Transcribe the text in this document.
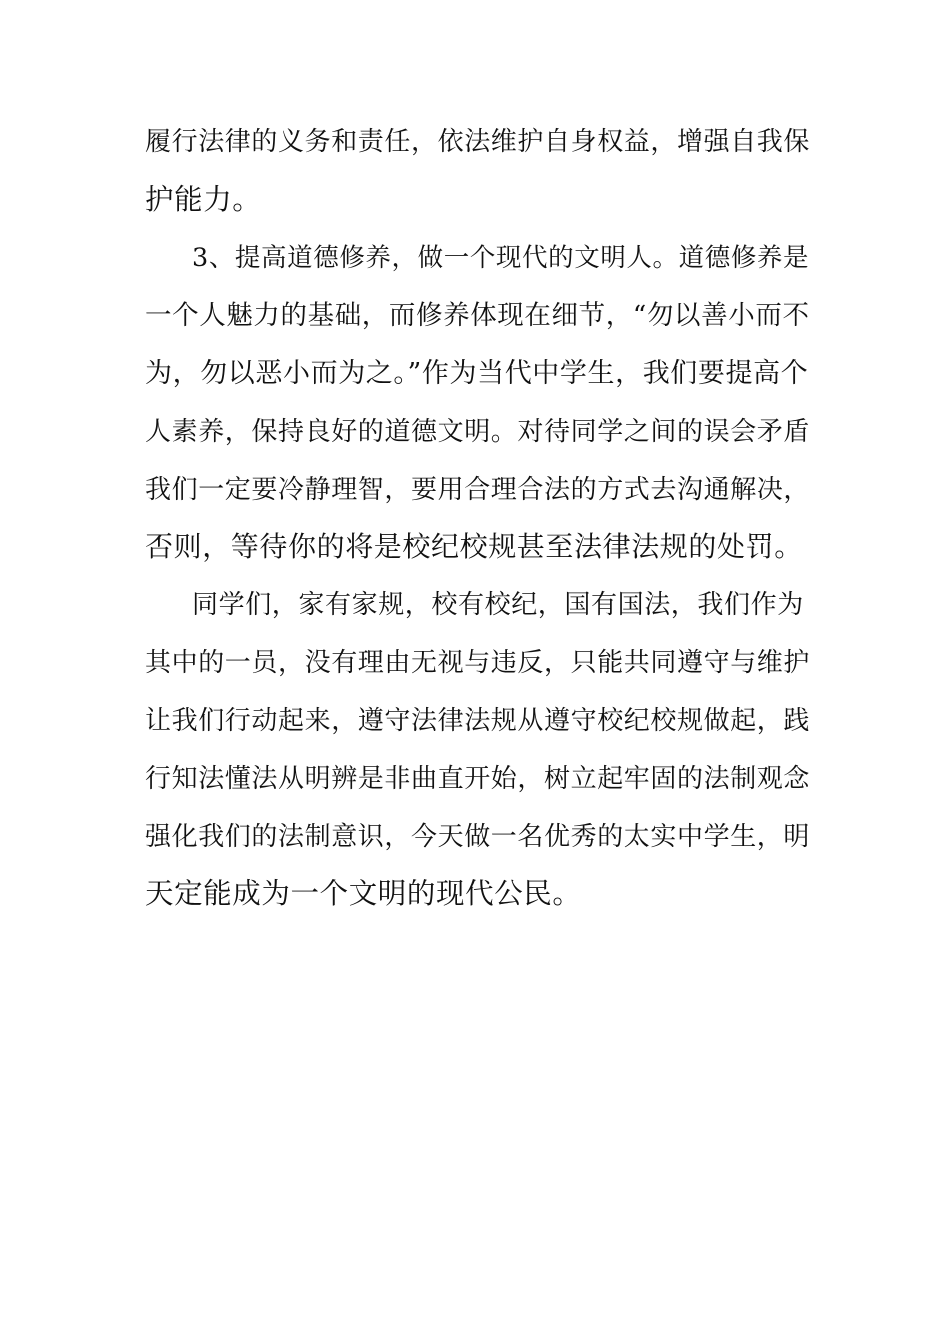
履行法律的义务和责任，依法维护自身权益，增强自我保
护能力。
3、提高道德修养，做一个现代的文明人。道德修养是
一个人魅力的基础，而修养体现在细节，“勿以善小而不
为，勿以恶小而为之。”作为当代中学生，我们要提高个
人素养，保持良好的道德文明。对待同学之间的误会矛盾
我们一定要冷静理智，要用合理合法的方式去沟通解决，
否则，等待你的将是校纪校规甚至法律法规的处罚。
同学们，家有家规，校有校纪，国有国法，我们作为
其中的一员，没有理由无视与违反，只能共同遵守与维护
让我们行动起来，遵守法律法规从遵守校纪校规做起，践
行知法懂法从明辨是非曲直开始，树立起牢固的法制观念
强化我们的法制意识，今天做一名优秀的太实中学生，明
天定能成为一个文明的现代公民。
